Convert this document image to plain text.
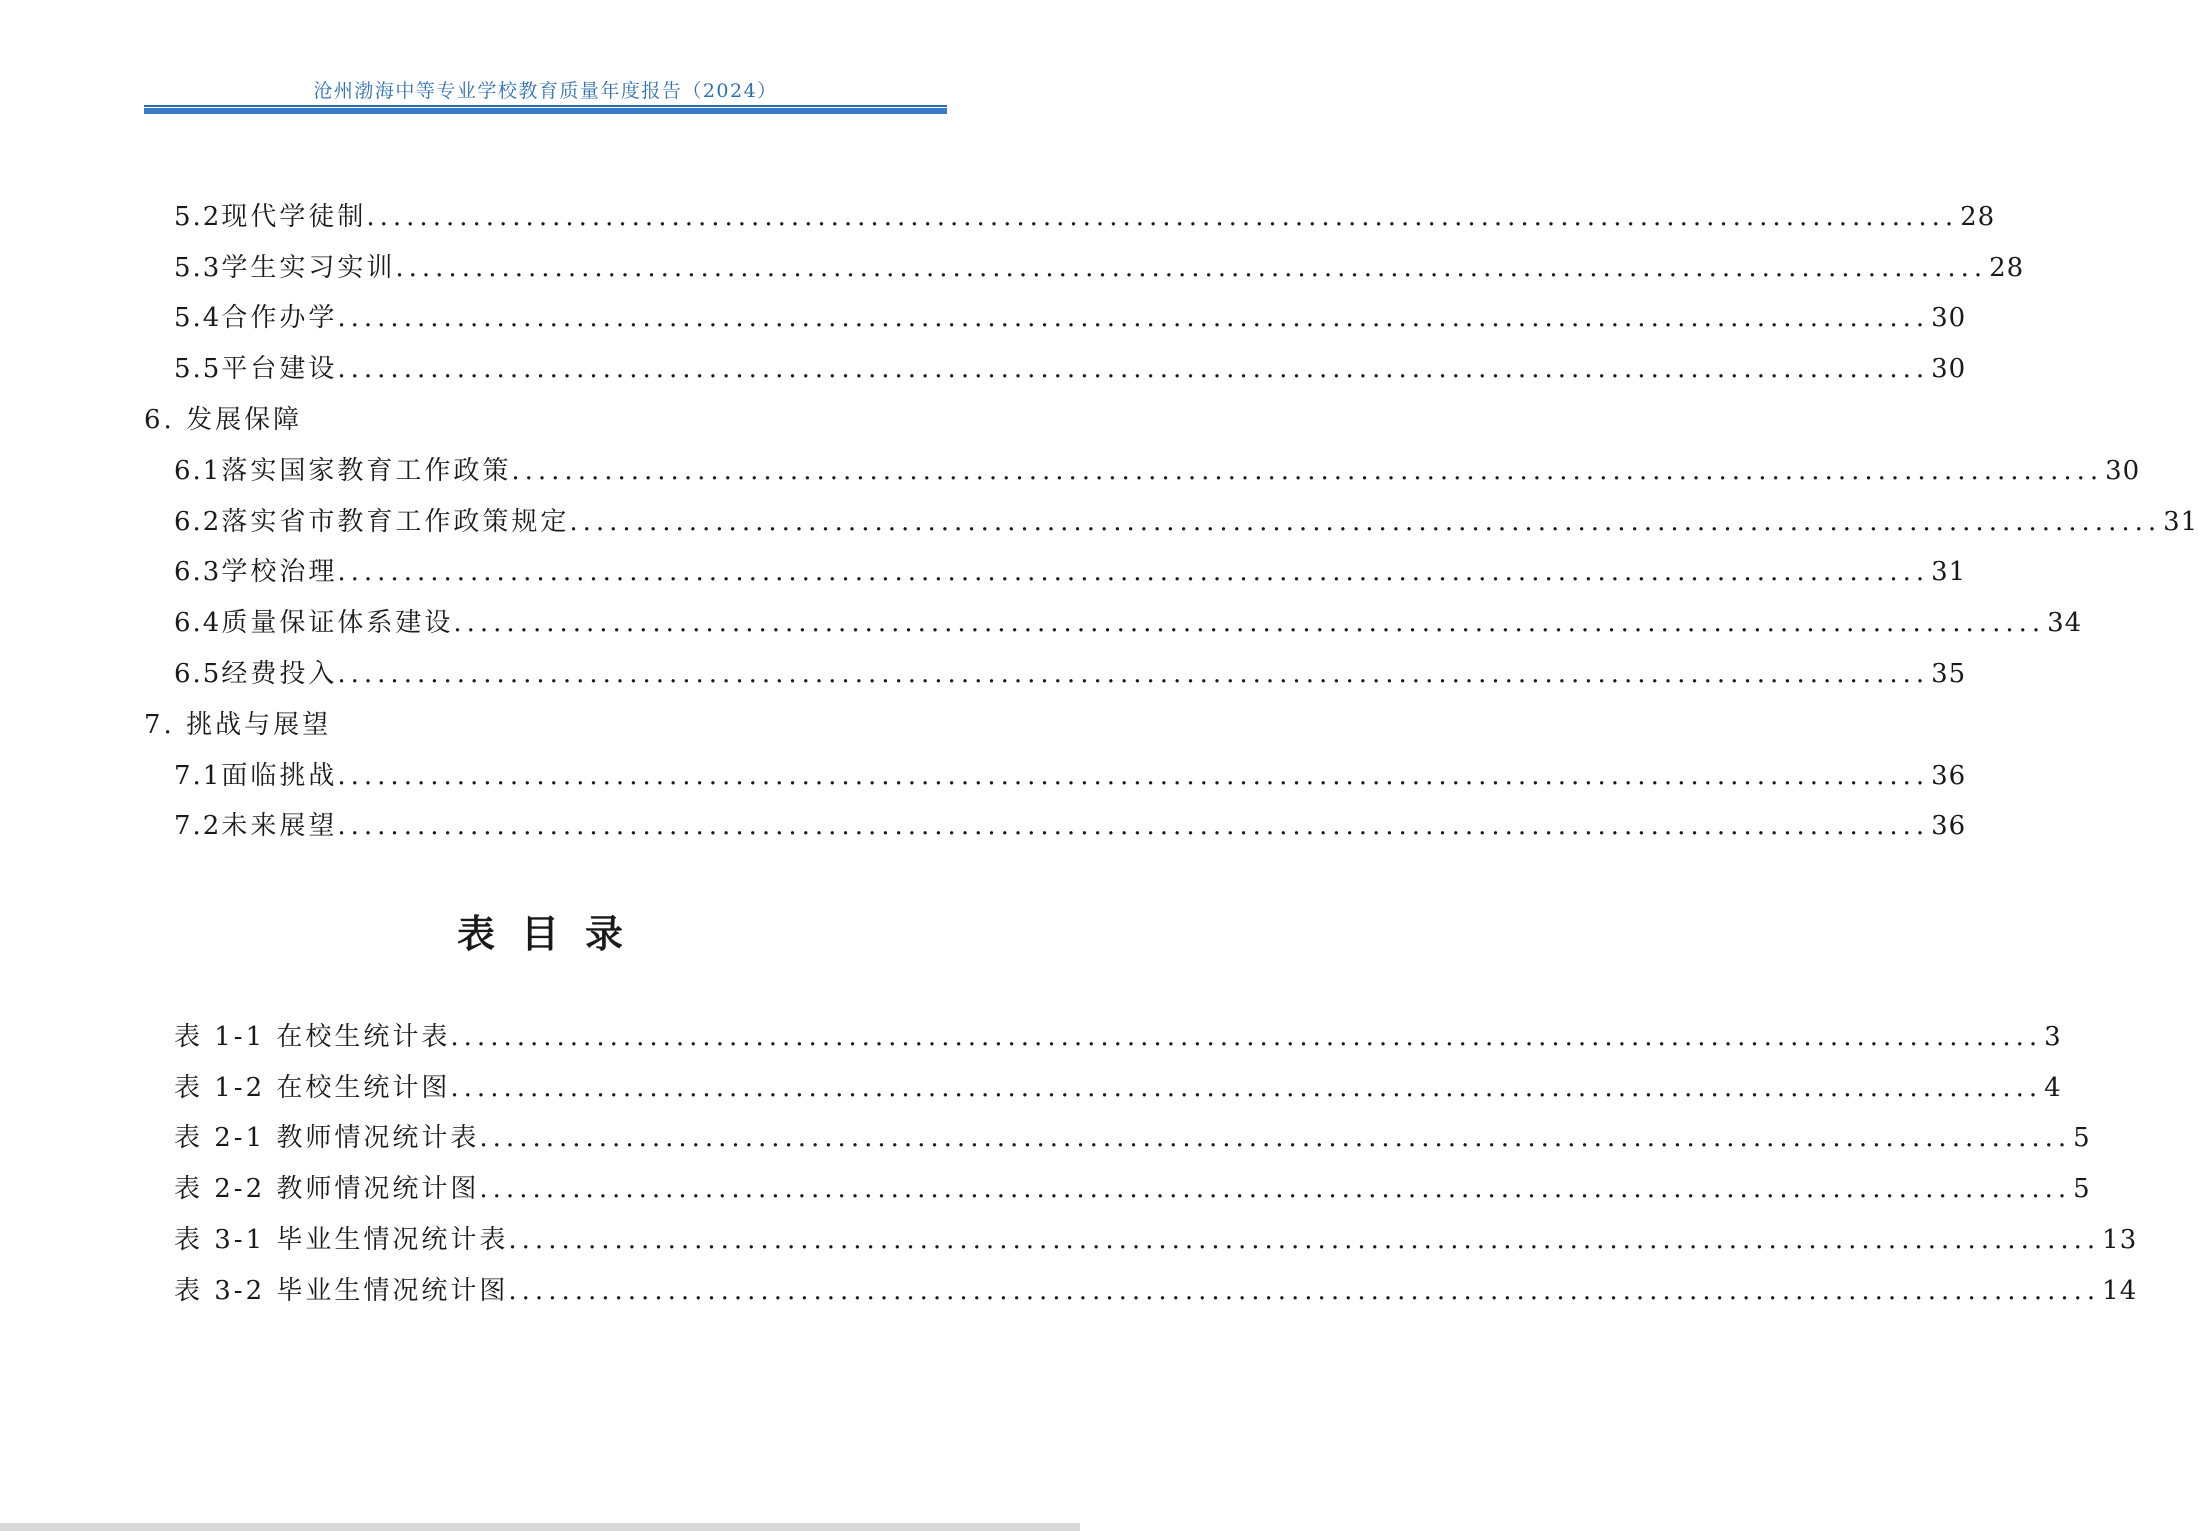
沧州渤海中等专业学校教育质量年度报告（2024）
5.2 现代学徒制 ........................................................................................................................ 28
5.3 学生实习实训 ........................................................................................................................ 28
5.4 合作办学 ........................................................................................................................ 30
5.5 平台建设 ........................................................................................................................ 30
6. 发展保障
6.1 落实国家教育工作政策 ........................................................................................................................ 30
6.2 落实省市教育工作政策规定 ........................................................................................................................ 31
6.3 学校治理 ........................................................................................................................ 31
6.4 质量保证体系建设 ........................................................................................................................ 34
6.5 经费投入 ........................................................................................................................ 35
7. 挑战与展望
7.1 面临挑战 ........................................................................................................................ 36
7.2 未来展望 ........................................................................................................................ 36
表目录
表 1-1 在校生统计表 ........................................................................................................................ 3
表 1-2 在校生统计图 ........................................................................................................................ 4
表 2-1 教师情况统计表 ........................................................................................................................ 5
表 2-2 教师情况统计图 ........................................................................................................................ 5
表 3-1 毕业生情况统计表 ........................................................................................................................ 13
表 3-2 毕业生情况统计图 ........................................................................................................................ 14
